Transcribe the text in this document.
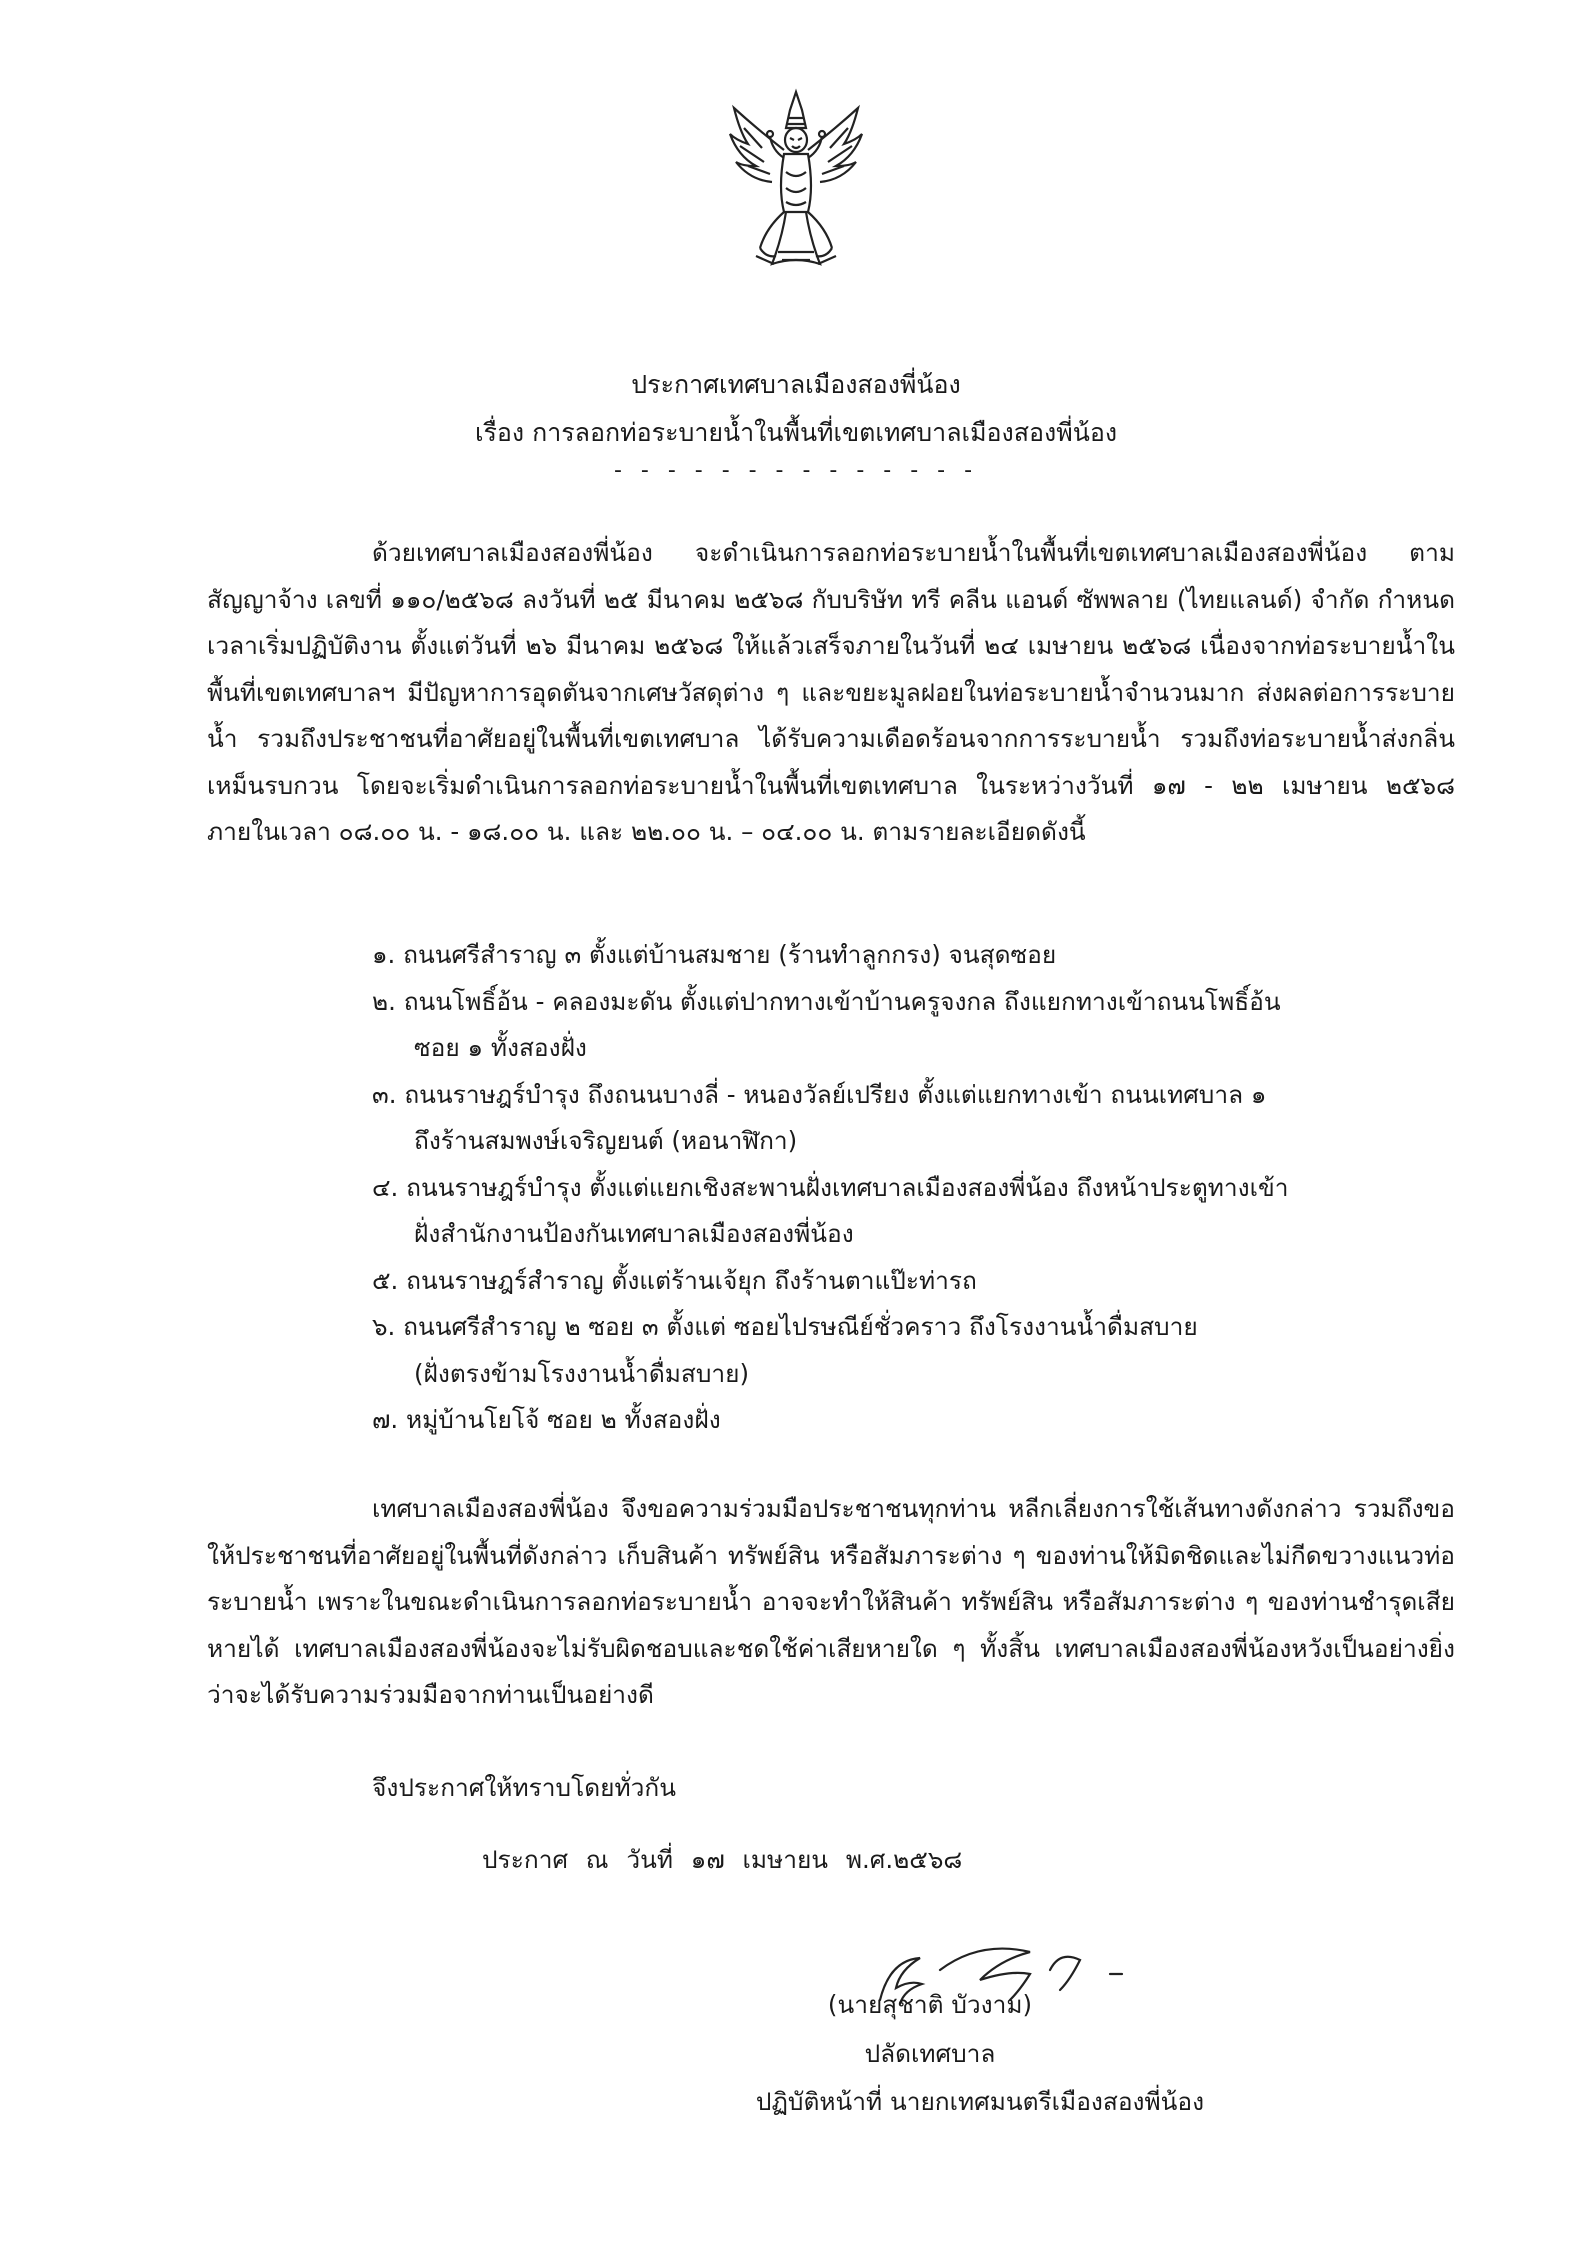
ประกาศเทศบาลเมืองสองพี่น้อง
เรื่อง การลอกท่อระบายน้ำในพื้นที่เขตเทศบาลเมืองสองพี่น้อง
- - - - - - - - - - - - - -

ด้วยเทศบาลเมืองสองพี่น้อง จะดำเนินการลอกท่อระบายน้ำในพื้นที่เขตเทศบาลเมืองสองพี่น้อง ตามสัญญาจ้าง เลขที่ ๑๑๐/๒๕๖๘ ลงวันที่ ๒๕ มีนาคม ๒๕๖๘ กับบริษัท ทรี คลีน แอนด์ ซัพพลาย (ไทยแลนด์) จำกัด กำหนดเวลาเริ่มปฏิบัติงาน ตั้งแต่วันที่ ๒๖ มีนาคม ๒๕๖๘ ให้แล้วเสร็จภายในวันที่ ๒๔ เมษายน ๒๕๖๘ เนื่องจากท่อระบายน้ำในพื้นที่เขตเทศบาลฯ มีปัญหาการอุดตันจากเศษวัสดุต่าง ๆ และขยะมูลฝอยในท่อระบายน้ำจำนวนมาก ส่งผลต่อการระบายน้ำ รวมถึงประชาชนที่อาศัยอยู่ในพื้นที่เขตเทศบาล ได้รับความเดือดร้อนจากการระบายน้ำ รวมถึงท่อระบายน้ำส่งกลิ่นเหม็นรบกวน โดยจะเริ่มดำเนินการลอกท่อระบายน้ำในพื้นที่เขตเทศบาล ในระหว่างวันที่ ๑๗ - ๒๒ เมษายน ๒๕๖๘ ภายในเวลา ๐๘.๐๐ น. - ๑๘.๐๐ น. และ ๒๒.๐๐ น. – ๐๔.๐๐ น. ตามรายละเอียดดังนี้

๑. ถนนศรีสำราญ ๓ ตั้งแต่บ้านสมชาย (ร้านทำลูกกรง) จนสุดซอย
๒. ถนนโพธิ์อ้น - คลองมะดัน ตั้งแต่ปากทางเข้าบ้านครูจงกล ถึงแยกทางเข้าถนนโพธิ์อ้น
ซอย ๑ ทั้งสองฝั่ง
๓. ถนนราษฎร์บำรุง ถึงถนนบางลี่ - หนองวัลย์เปรียง ตั้งแต่แยกทางเข้า ถนนเทศบาล ๑
ถึงร้านสมพงษ์เจริญยนต์ (หอนาฬิกา)
๔. ถนนราษฎร์บำรุง ตั้งแต่แยกเชิงสะพานฝั่งเทศบาลเมืองสองพี่น้อง ถึงหน้าประตูทางเข้า
ฝั่งสำนักงานป้องกันเทศบาลเมืองสองพี่น้อง
๕. ถนนราษฎร์สำราญ ตั้งแต่ร้านเจ้ยุก ถึงร้านตาแป๊ะท่ารถ
๖. ถนนศรีสำราญ ๒ ซอย ๓ ตั้งแต่ ซอยไปรษณีย์ชั่วคราว ถึงโรงงานน้ำดื่มสบาย
(ฝั่งตรงข้ามโรงงานน้ำดื่มสบาย)
๗. หมู่บ้านโยโจ้ ซอย ๒ ทั้งสองฝั่ง

เทศบาลเมืองสองพี่น้อง จึงขอความร่วมมือประชาชนทุกท่าน หลีกเลี่ยงการใช้เส้นทางดังกล่าว รวมถึงขอให้ประชาชนที่อาศัยอยู่ในพื้นที่ดังกล่าว เก็บสินค้า ทรัพย์สิน หรือสัมภาระต่าง ๆ ของท่านให้มิดชิดและไม่กีดขวางแนวท่อระบายน้ำ เพราะในขณะดำเนินการลอกท่อระบายน้ำ อาจจะทำให้สินค้า ทรัพย์สิน หรือสัมภาระต่าง ๆ ของท่านชำรุดเสียหายได้ เทศบาลเมืองสองพี่น้องจะไม่รับผิดชอบและชดใช้ค่าเสียหายใด ๆ ทั้งสิ้น เทศบาลเมืองสองพี่น้องหวังเป็นอย่างยิ่งว่าจะได้รับความร่วมมือจากท่านเป็นอย่างดี

จึงประกาศให้ทราบโดยทั่วกัน
ประกาศ ณ วันที่ ๑๗ เมษายน พ.ศ.๒๕๖๘
(นายสุชาติ บัวงาม)
ปลัดเทศบาล
ปฏิบัติหน้าที่ นายกเทศมนตรีเมืองสองพี่น้อง
